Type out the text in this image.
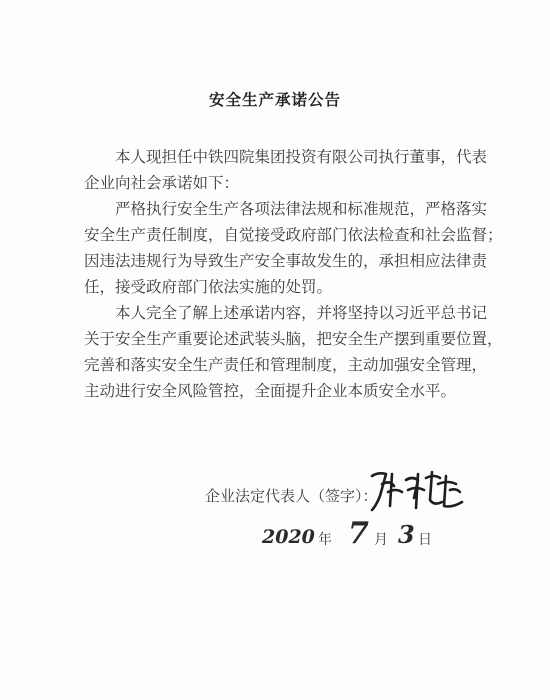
安全生产承诺公告
本人现担任中铁四院集团投资有限公司执行董事，代表
企业向社会承诺如下：
严格执行安全生产各项法律法规和标准规范，严格落实
安全生产责任制度，自觉接受政府部门依法检查和社会监督；
因违法违规行为导致生产安全事故发生的，承担相应法律责
任，接受政府部门依法实施的处罚。
本人完全了解上述承诺内容，并将坚持以习近平总书记
关于安全生产重要论述武装头脑，把安全生产摆到重要位置，
完善和落实安全生产责任和管理制度，主动加强安全管理，
主动进行安全风险管控，全面提升企业本质安全水平。
企业法定代表人（签字）：
2020 年 7 月 3 日
